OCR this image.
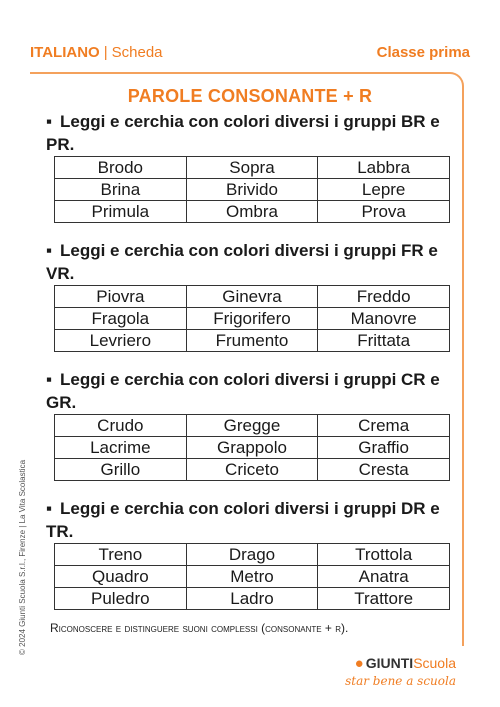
ITALIANO | Scheda	Classe prima
PAROLE CONSONANTE + R
▪ Leggi e cerchia con colori diversi i gruppi BR e PR.
Brodo	Sopra	Labbra
Brina	Brivido	Lepre
Primula	Ombra	Prova
▪ Leggi e cerchia con colori diversi i gruppi FR e VR.
Piovra	Ginevra	Freddo
Fragola	Frigorifero	Manovre
Levriero	Frumento	Frittata
▪ Leggi e cerchia con colori diversi i gruppi CR e GR.
Crudo	Gregge	Crema
Lacrime	Grappolo	Graffio
Grillo	Criceto	Cresta
▪ Leggi e cerchia con colori diversi i gruppi DR e TR.
Treno	Drago	Trottola
Quadro	Metro	Anatra
Puledro	Ladro	Trattore
Riconoscere e distinguere suoni complessi (consonante + r).
© 2024 Giunti Scuola S.r.l., Firenze | La Vita Scolastica
● GIUNTIScuola
star bene a scuola
